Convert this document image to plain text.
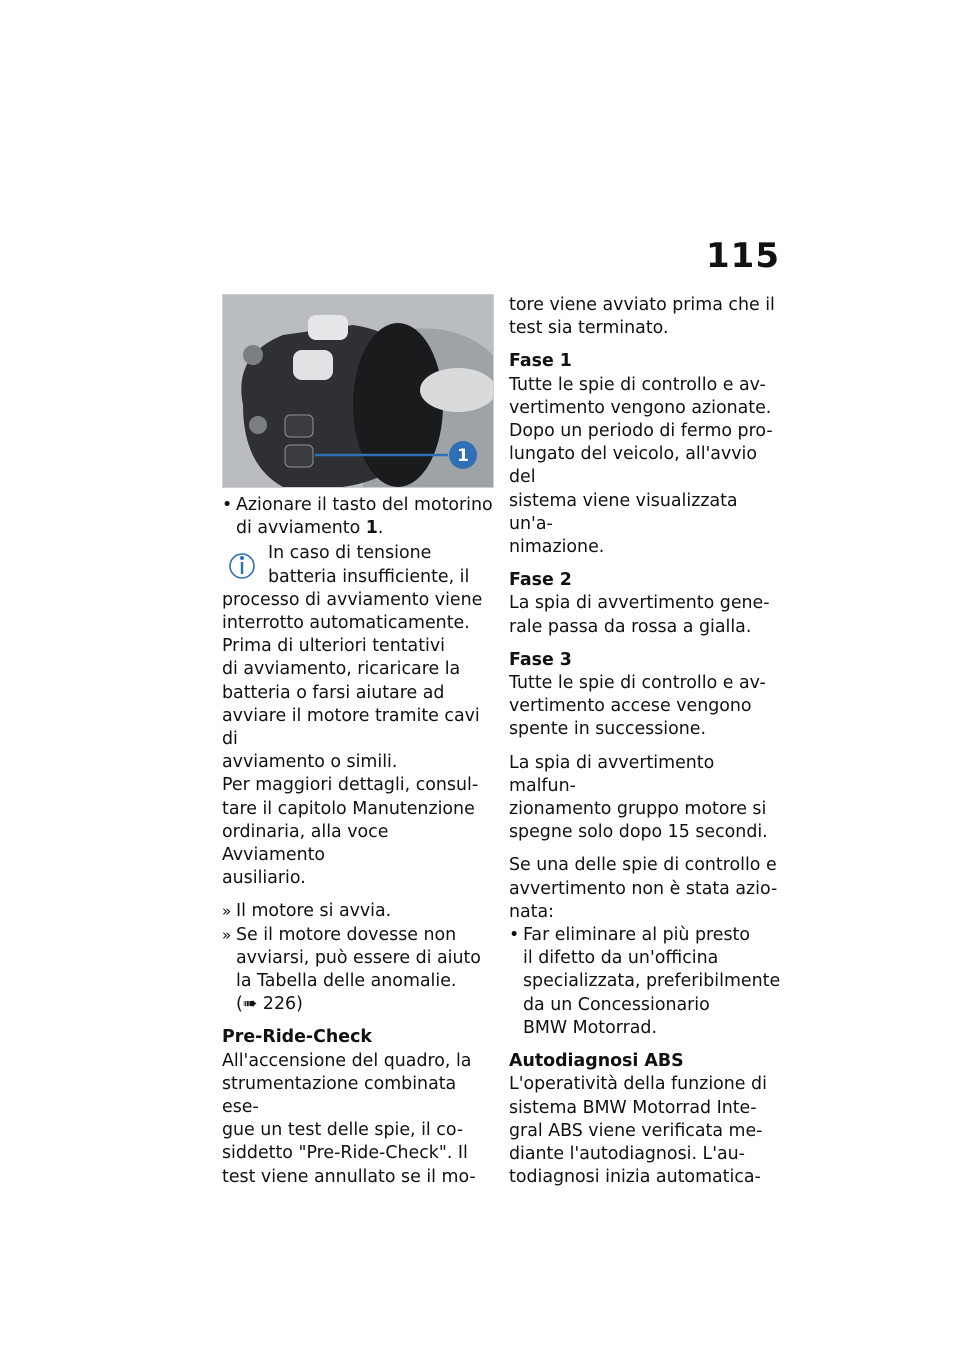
115
1

• Azionare il tasto del motorino

di avviamento 1.

In caso di tensione

batteria insufficiente, il

processo di avviamento viene

interrotto automaticamente.

Prima di ulteriori tentativi

di avviamento, ricaricare la

batteria o farsi aiutare ad

avviare il motore tramite cavi di

avviamento o simili.

Per maggiori dettagli, consul-

tare il capitolo Manutenzione

ordinaria, alla voce Avviamento

ausiliario.

» Il motore si avvia.

» Se il motore dovesse non

avviarsi, può essere di aiuto

la Tabella delle anomalie.

(➠ 226)

Pre-Ride-Check

All'accensione del quadro, la

strumentazione combinata ese-

gue un test delle spie, il co-

siddetto "Pre-Ride-Check". Il

test viene annullato se il mo-

tore viene avviato prima che il

test sia terminato.

Fase 1

Tutte le spie di controllo e av-

vertimento vengono azionate.

Dopo un periodo di fermo pro-

lungato del veicolo, all'avvio del

sistema viene visualizzata un'a-

nimazione.

Fase 2

La spia di avvertimento gene-

rale passa da rossa a gialla.

Fase 3

Tutte le spie di controllo e av-

vertimento accese vengono

spente in successione.

La spia di avvertimento malfun-

zionamento gruppo motore si

spegne solo dopo 15 secondi.

Se una delle spie di controllo e

avvertimento non è stata azio-

nata:

• Far eliminare al più presto

il difetto da un'officina

specializzata, preferibilmente

da un Concessionario

BMW Motorrad.

Autodiagnosi ABS

L'operatività della funzione di

sistema BMW Motorrad Inte-

gral ABS viene verificata me-

diante l'autodiagnosi. L'au-

todiagnosi inizia automatica-
